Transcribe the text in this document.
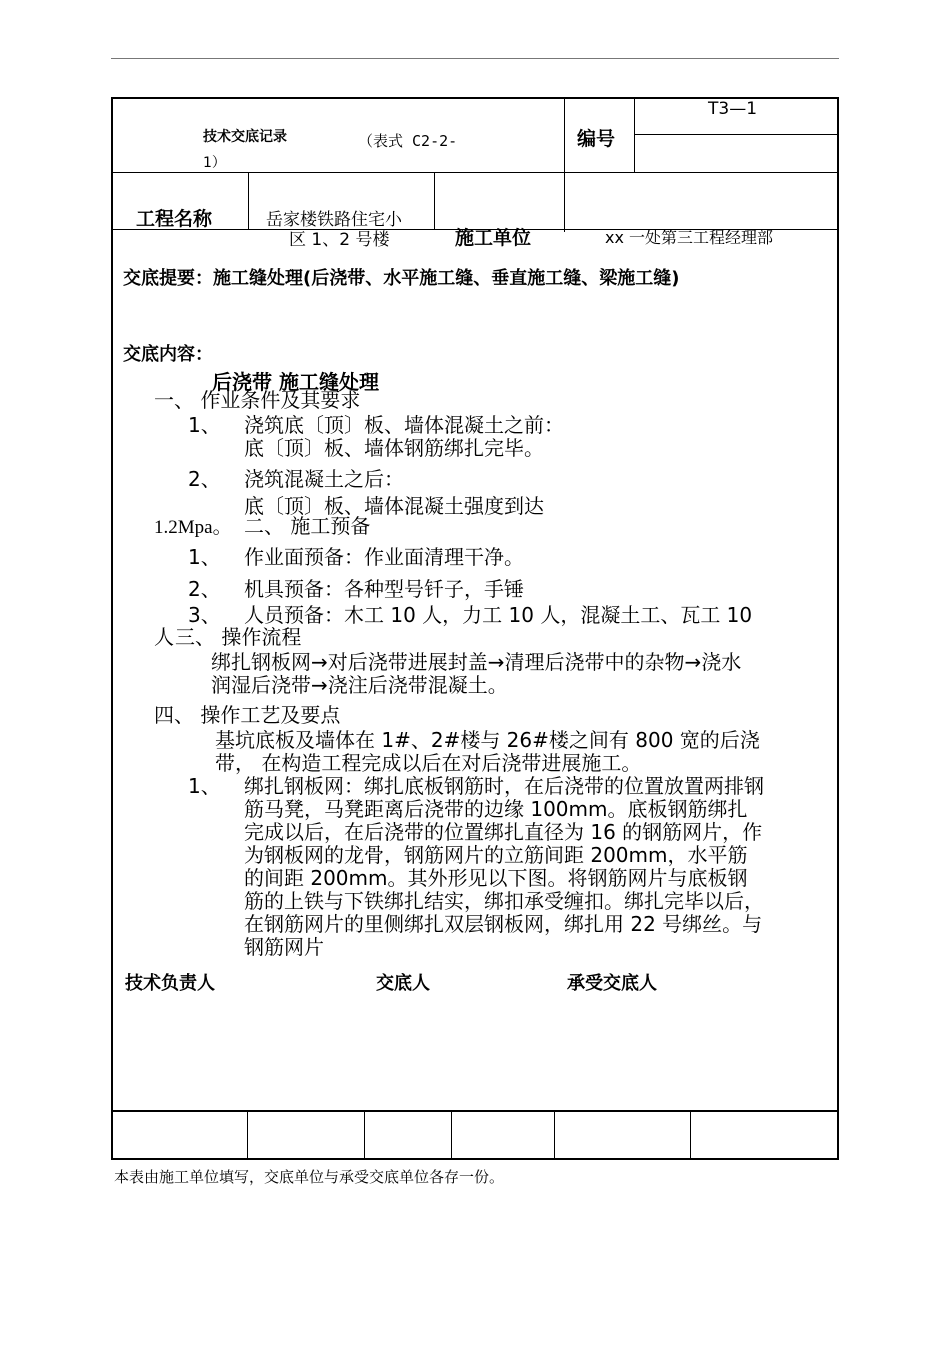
技术交底记录	（表式 C2-2-
1）
编号
T3—1
工程名称	岳家楼铁路住宅小
区 1、2 号楼	施工单位	xx 一处第三工程经理部
交底提要：施工缝处理(后浇带、水平施工缝、垂直施工缝、梁施工缝)
交底内容：
后浇带 施工缝处理
一、 作业条件及其要求
1、 浇筑底〔顶〕板、墙体混凝土之前：
底〔顶〕板、墙体钢筋绑扎完毕。
2、 浇筑混凝土之后：
底〔顶〕板、墙体混凝土强度到达
1.2Mpa。 二、 施工预备
1、 作业面预备：作业面清理干净。
2、 机具预备：各种型号钎子，手锤
3、 人员预备：木工 10 人，力工 10 人，混凝土工、瓦工 10
人 三、 操作流程
绑扎钢板网→对后浇带进展封盖→清理后浇带中的杂物→浇水
润湿后浇带→浇注后浇带混凝土。
四、 操作工艺及要点
基坑底板及墙体在 1#、2#楼与 26#楼之间有 800 宽的后浇
带， 在构造工程完成以后在对后浇带进展施工。
1、 绑扎钢板网：绑扎底板钢筋时，在后浇带的位置放置两排钢
筋马凳，马凳距离后浇带的边缘 100mm。底板钢筋绑扎
完成以后，在后浇带的位置绑扎直径为 16 的钢筋网片，作
为钢板网的龙骨，钢筋网片的立筋间距 200mm，水平筋
的间距 200mm。其外形见以下图。将钢筋网片与底板钢
筋的上铁与下铁绑扎结实，绑扣承受缠扣。绑扎完毕以后，
在钢筋网片的里侧绑扎双层钢板网，绑扎用 22 号绑丝。与
钢筋网片
技术负责人	交底人	承受交底人
本表由施工单位填写，交底单位与承受交底单位各存一份。
